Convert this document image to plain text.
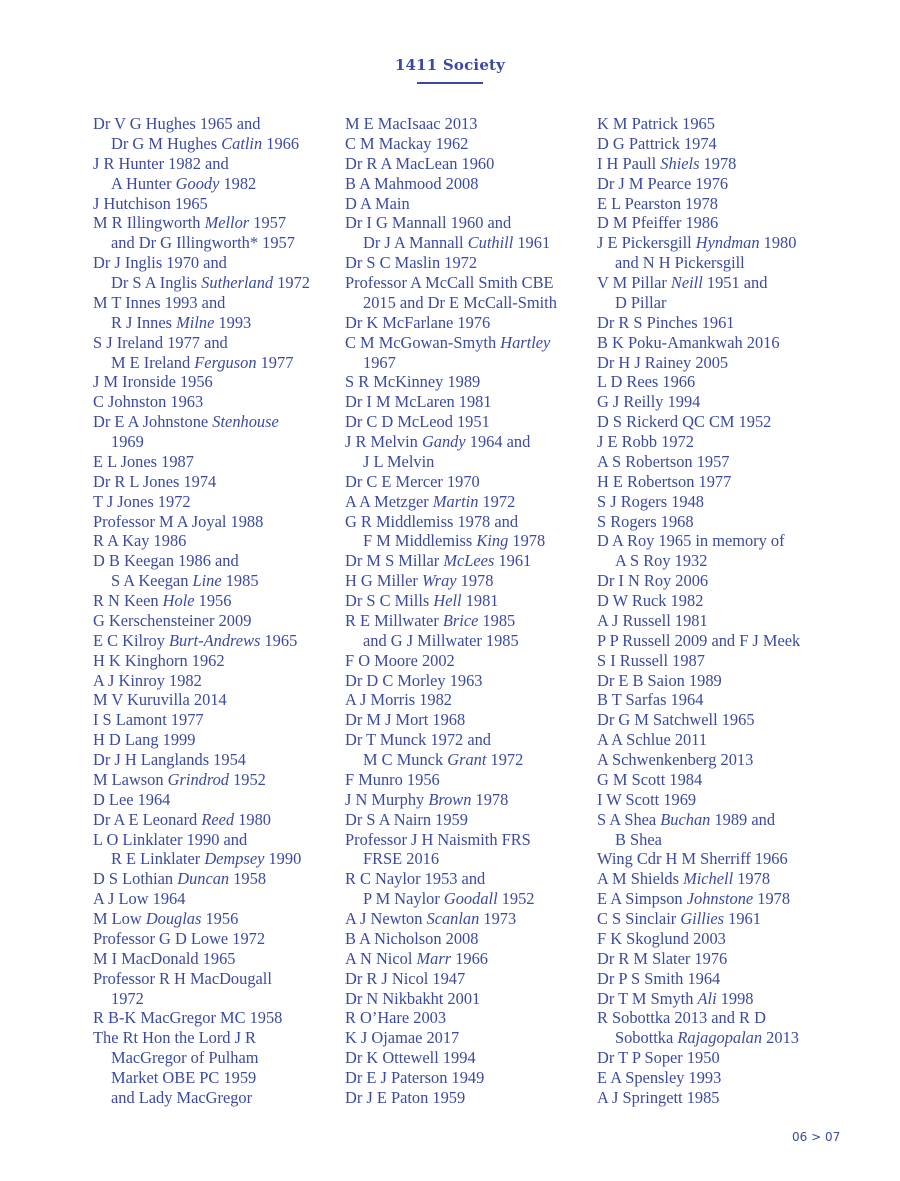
1411 Society
Dr V G Hughes 1965 and
Dr G M Hughes Catlin 1966
J R Hunter 1982 and
A Hunter Goody 1982
J Hutchison 1965
M R Illingworth Mellor 1957
and Dr G Illingworth* 1957
Dr J Inglis 1970 and
Dr S A Inglis Sutherland 1972
M T Innes 1993 and
R J Innes Milne 1993
S J Ireland 1977 and
M E Ireland Ferguson 1977
J M Ironside 1956
C Johnston 1963
Dr E A Johnstone Stenhouse
1969
E L Jones 1987
Dr R L Jones 1974
T J Jones 1972
Professor M A Joyal 1988
R A Kay 1986
D B Keegan 1986 and
S A Keegan Line 1985
R N Keen Hole 1956
G Kerschensteiner 2009
E C Kilroy Burt-Andrews 1965
H K Kinghorn 1962
A J Kinroy 1982
M V Kuruvilla 2014
I S Lamont 1977
H D Lang 1999
Dr J H Langlands 1954
M Lawson Grindrod 1952
D Lee 1964
Dr A E Leonard Reed 1980
L O Linklater 1990 and
R E Linklater Dempsey 1990
D S Lothian Duncan 1958
A J Low 1964
M Low Douglas 1956
Professor G D Lowe 1972
M I MacDonald 1965
Professor R H MacDougall
1972
R B-K MacGregor MC 1958
The Rt Hon the Lord J R
MacGregor of Pulham
Market OBE PC 1959
and Lady MacGregor
M E MacIsaac 2013
C M Mackay 1962
Dr R A MacLean 1960
B A Mahmood 2008
D A Main
Dr I G Mannall 1960 and
Dr J A Mannall Cuthill 1961
Dr S C Maslin 1972
Professor A McCall Smith CBE
2015 and Dr E McCall-Smith
Dr K McFarlane 1976
C M McGowan-Smyth Hartley
1967
S R McKinney 1989
Dr I M McLaren 1981
Dr C D McLeod 1951
J R Melvin Gandy 1964 and
J L Melvin
Dr C E Mercer 1970
A A Metzger Martin 1972
G R Middlemiss 1978 and
F M Middlemiss King 1978
Dr M S Millar McLees 1961
H G Miller Wray 1978
Dr S C Mills Hell 1981
R E Millwater Brice 1985
and G J Millwater 1985
F O Moore 2002
Dr D C Morley 1963
A J Morris 1982
Dr M J Mort 1968
Dr T Munck 1972 and
M C Munck Grant 1972
F Munro 1956
J N Murphy Brown 1978
Dr S A Nairn 1959
Professor J H Naismith FRS
FRSE 2016
R C Naylor 1953 and
P M Naylor Goodall 1952
A J Newton Scanlan 1973
B A Nicholson 2008
A N Nicol Marr 1966
Dr R J Nicol 1947
Dr N Nikbakht 2001
R O’Hare 2003
K J Ojamae 2017
Dr K Ottewell 1994
Dr E J Paterson 1949
Dr J E Paton 1959
K M Patrick 1965
D G Pattrick 1974
I H Paull Shiels 1978
Dr J M Pearce 1976
E L Pearston 1978
D M Pfeiffer 1986
J E Pickersgill Hyndman 1980
and N H Pickersgill
V M Pillar Neill 1951 and
D Pillar
Dr R S Pinches 1961
B K Poku-Amankwah 2016
Dr H J Rainey 2005
L D Rees 1966
G J Reilly 1994
D S Rickerd QC CM 1952
J E Robb 1972
A S Robertson 1957
H E Robertson 1977
S J Rogers 1948
S Rogers 1968
D A Roy 1965 in memory of
A S Roy 1932
Dr I N Roy 2006
D W Ruck 1982
A J Russell 1981
P P Russell 2009 and F J Meek
S I Russell 1987
Dr E B Saion 1989
B T Sarfas 1964
Dr G M Satchwell 1965
A A Schlue 2011
A Schwenkenberg 2013
G M Scott 1984
I W Scott 1969
S A Shea Buchan 1989 and
B Shea
Wing Cdr H M Sherriff 1966
A M Shields Michell 1978
E A Simpson Johnstone 1978
C S Sinclair Gillies 1961
F K Skoglund 2003
Dr R M Slater 1976
Dr P S Smith 1964
Dr T M Smyth Ali 1998
R Sobottka 2013 and R D
Sobottka Rajagopalan 2013
Dr T P Soper 1950
E A Spensley 1993
A J Springett 1985
06 > 07
